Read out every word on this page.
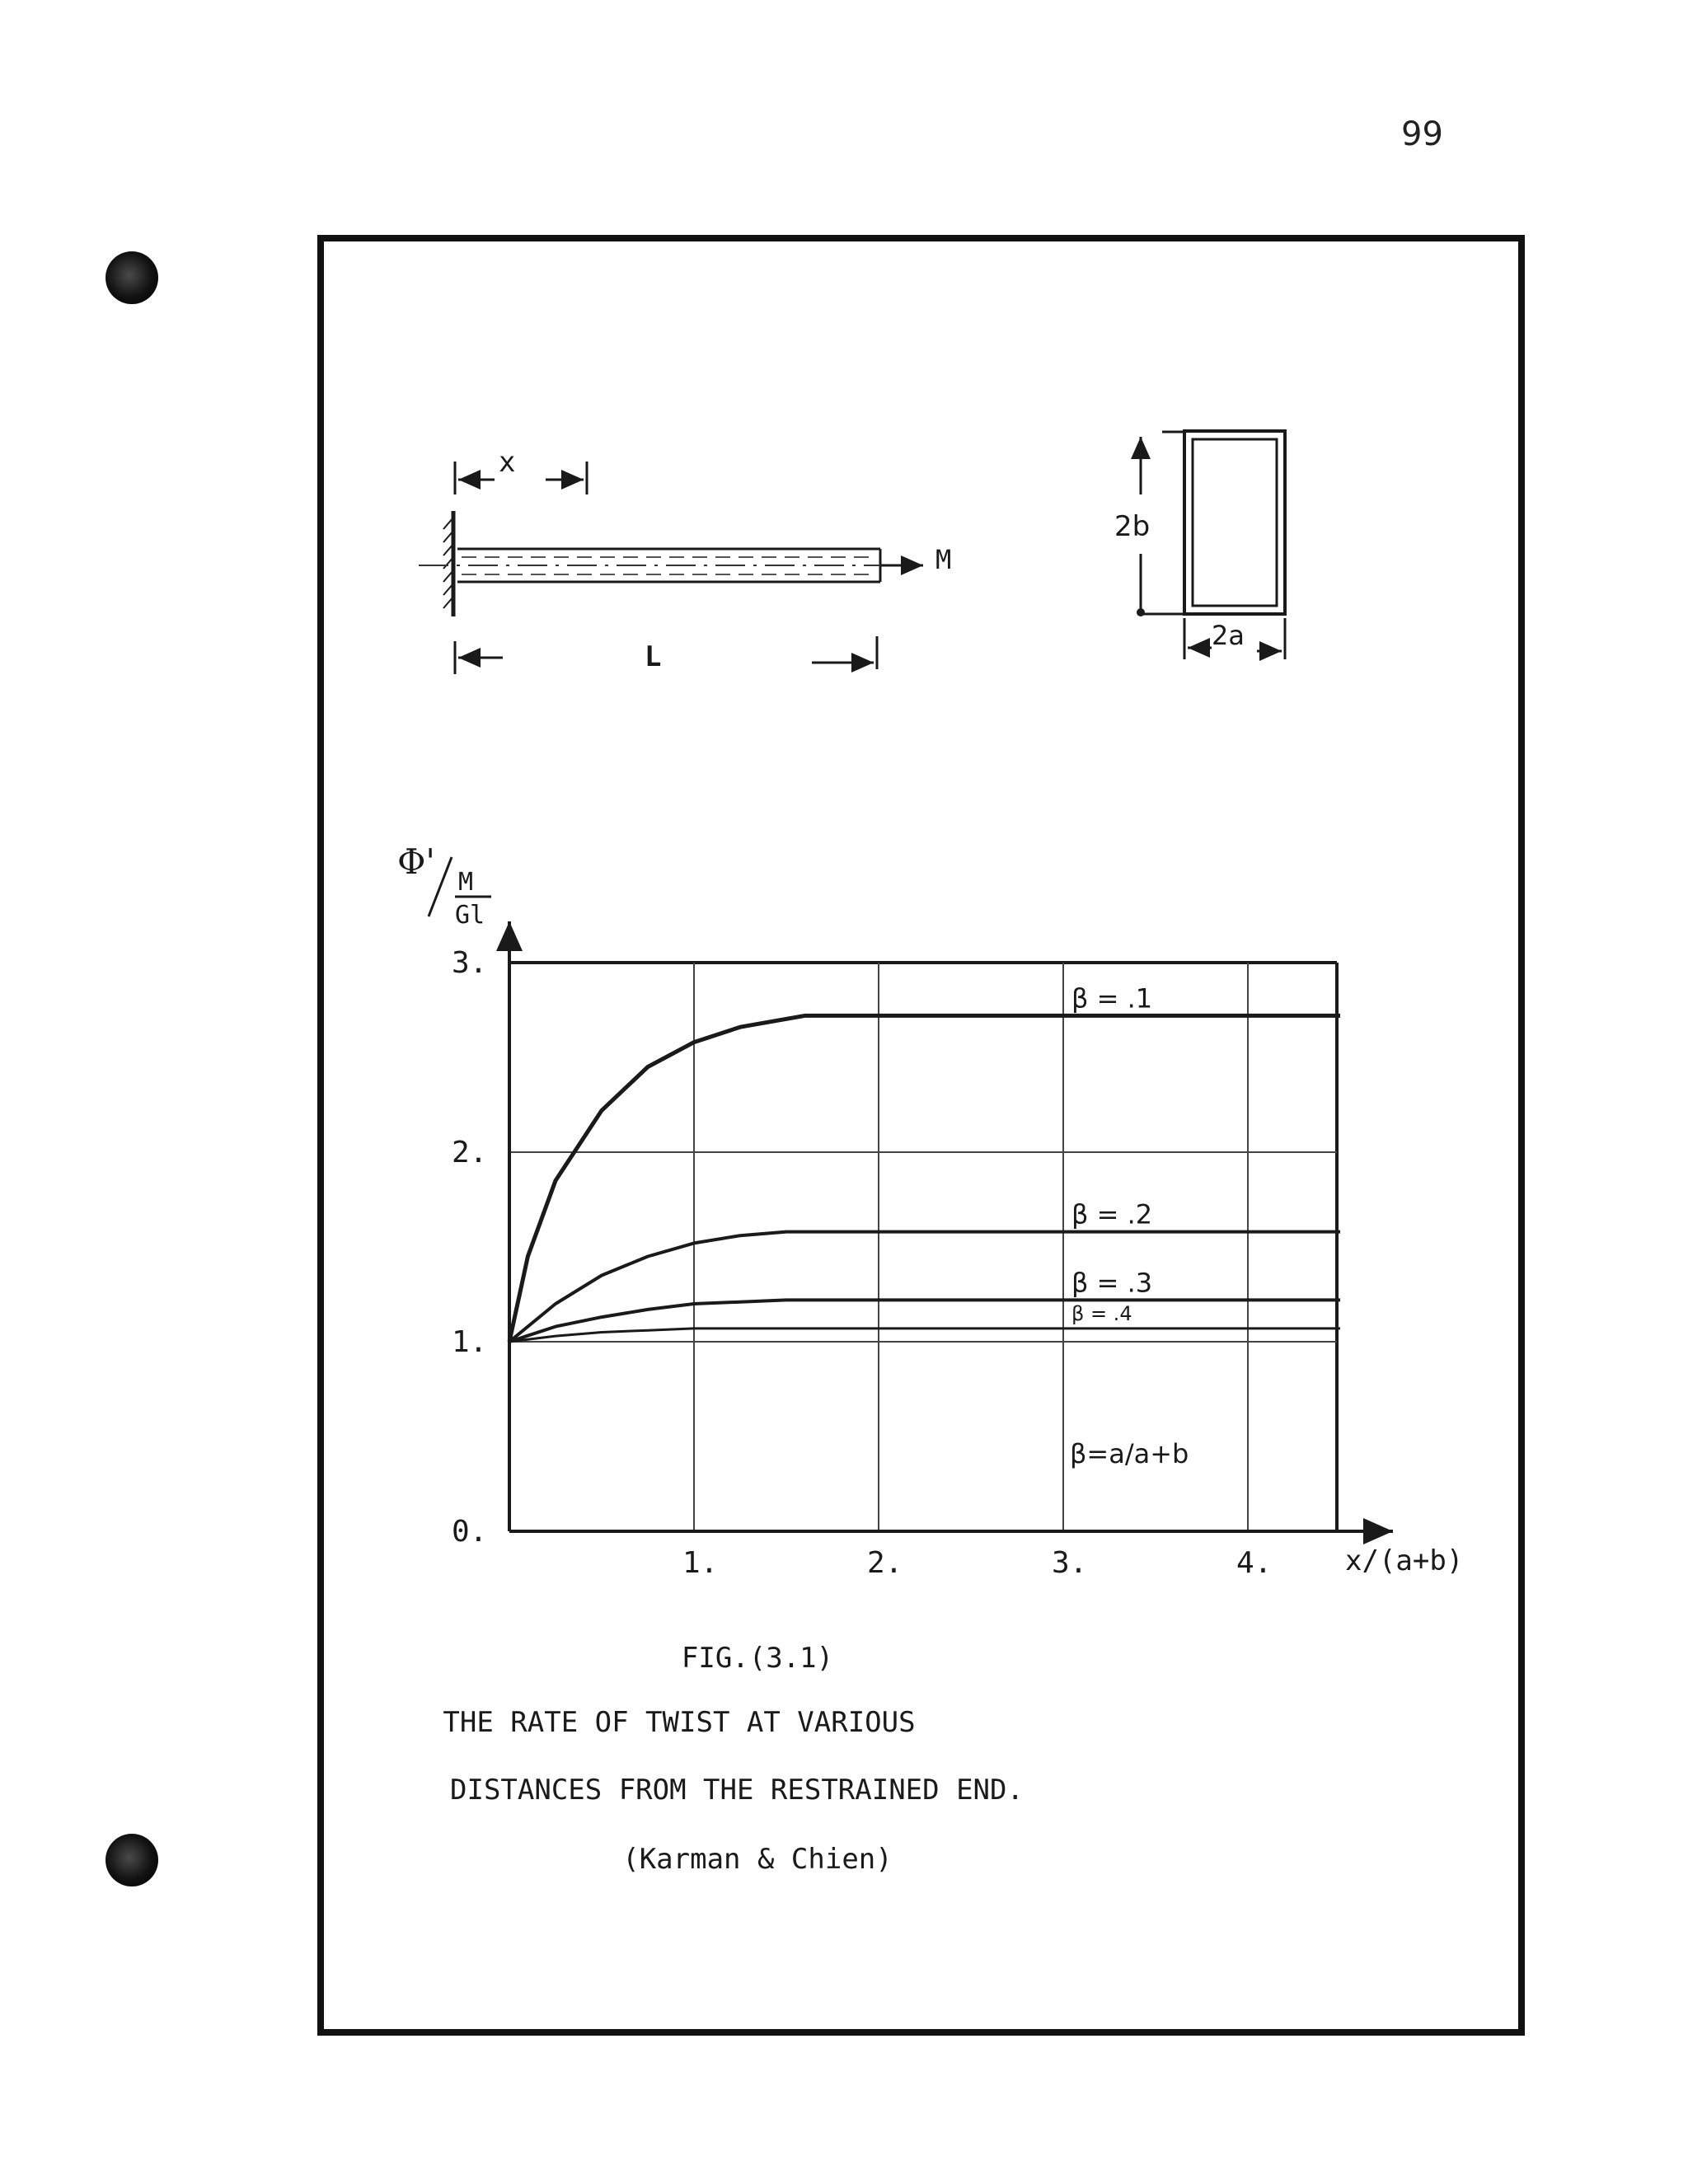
99
M
x
L
2b
2a
Φ'
M
Gl
x/(a+b)
β=a/a+b
1.	2.	3.	4.
0.
1.
2.
3.
β = .1
β = .2
β = .3
β = .4
FIG.(3.1)
THE RATE OF TWIST AT VARIOUS
DISTANCES FROM THE RESTRAINED END.
(Karman & Chien)
